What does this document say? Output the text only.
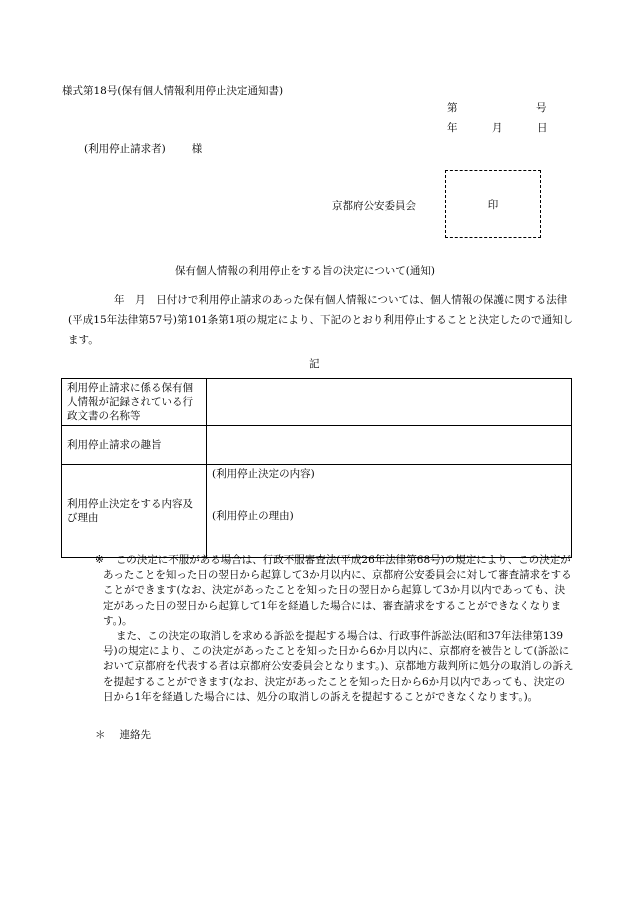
様式第18号(保有個人情報利用停止決定通知書)
第	号
年	月	日
(利用停止請求者) 様
京都府公安委員会	印
保有個人情報の利用停止をする旨の決定について(通知)
年　月　日付けで利用停止請求のあった保有個人情報については、個人情報の保護に関する法律(平成15年法律第57号)第101条第1項の規定により、下記のとおり利用停止することと決定したので通知します。
記
利用停止請求に係る保有個人情報が記録されている行政文書の名称等	
利用停止請求の趣旨	
利用停止決定をする内容及び理由	(利用停止決定の内容)
(利用停止の理由)
※ この決定に不服がある場合は、行政不服審査法(平成26年法律第68号)の規定により、この決定があったことを知った日の翌日から起算して3か月以内に、京都府公安委員会に対して審査請求をすることができます(なお、決定があったことを知った日の翌日から起算して3か月以内であっても、決定があった日の翌日から起算して1年を経過した場合には、審査請求をすることができなくなります。)。
また、この決定の取消しを求める訴訟を提起する場合は、行政事件訴訟法(昭和37年法律第139号)の規定により、この決定があったことを知った日から6か月以内に、京都府を被告として(訴訟において京都府を代表する者は京都府公安委員会となります。)、京都地方裁判所に処分の取消しの訴えを提起することができます(なお、決定があったことを知った日から6か月以内であっても、決定の日から1年を経過した場合には、処分の取消しの訴えを提起することができなくなります。)。
＊ 連絡先
